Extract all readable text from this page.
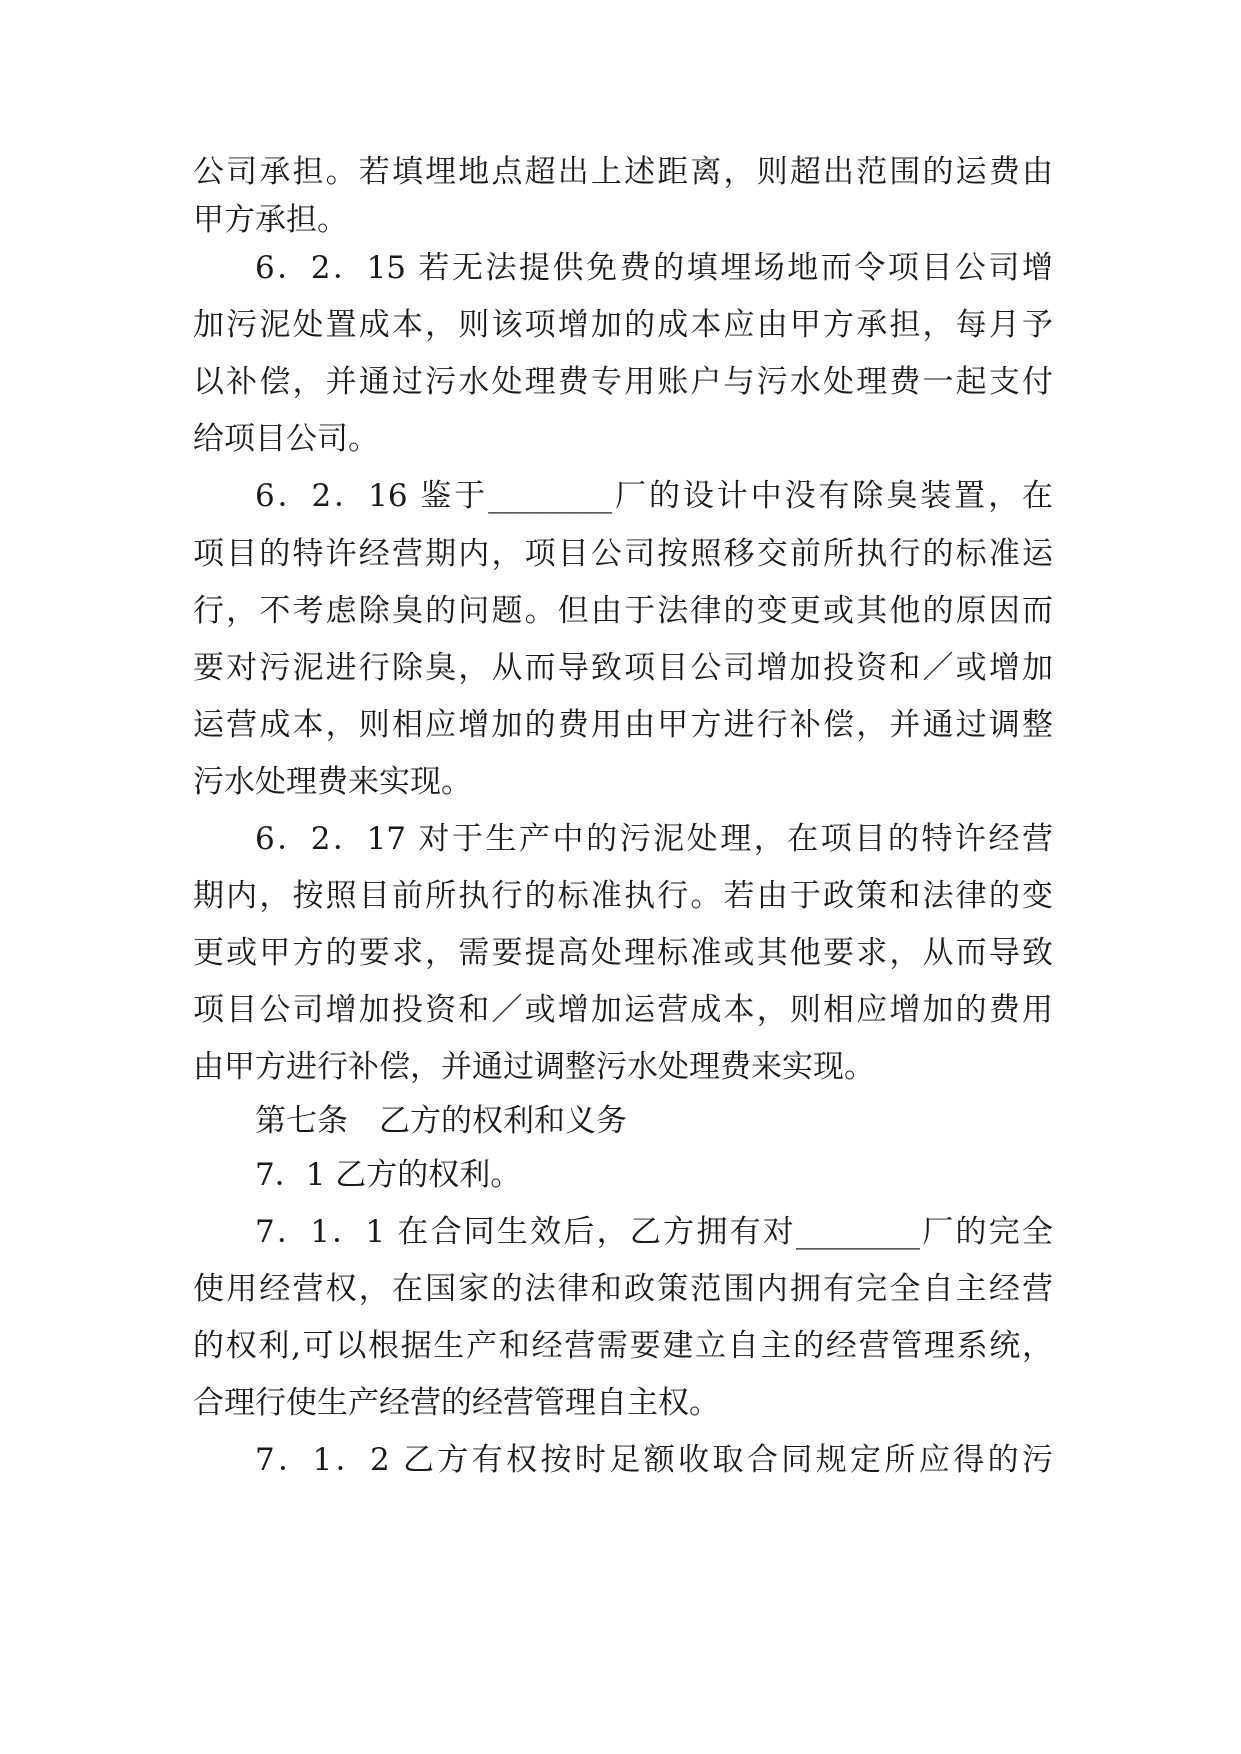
公司承担。若填埋地点超出上述距离，则超出范围的运费由
甲方承担。
6．2．15 若无法提供免费的填埋场地而令项目公司增
加污泥处置成本，则该项增加的成本应由甲方承担，每月予
以补偿，并通过污水处理费专用账户与污水处理费一起支付
给项目公司。
6．2．16 鉴于________厂的设计中没有除臭装置，在
项目的特许经营期内，项目公司按照移交前所执行的标准运
行，不考虑除臭的问题。但由于法律的变更或其他的原因而
要对污泥进行除臭，从而导致项目公司增加投资和／或增加
运营成本，则相应增加的费用由甲方进行补偿，并通过调整
污水处理费来实现。
6．2．17 对于生产中的污泥处理，在项目的特许经营
期内，按照目前所执行的标准执行。若由于政策和法律的变
更或甲方的要求，需要提高处理标准或其他要求，从而导致
项目公司增加投资和／或增加运营成本，则相应增加的费用
由甲方进行补偿，并通过调整污水处理费来实现。
第七条　乙方的权利和义务
7．1 乙方的权利。
7．1．1 在合同生效后，乙方拥有对________厂的完全
使用经营权，在国家的法律和政策范围内拥有完全自主经营
的权利,可以根据生产和经营需要建立自主的经营管理系统，
合理行使生产经营的经营管理自主权。
7．1．2 乙方有权按时足额收取合同规定所应得的污
